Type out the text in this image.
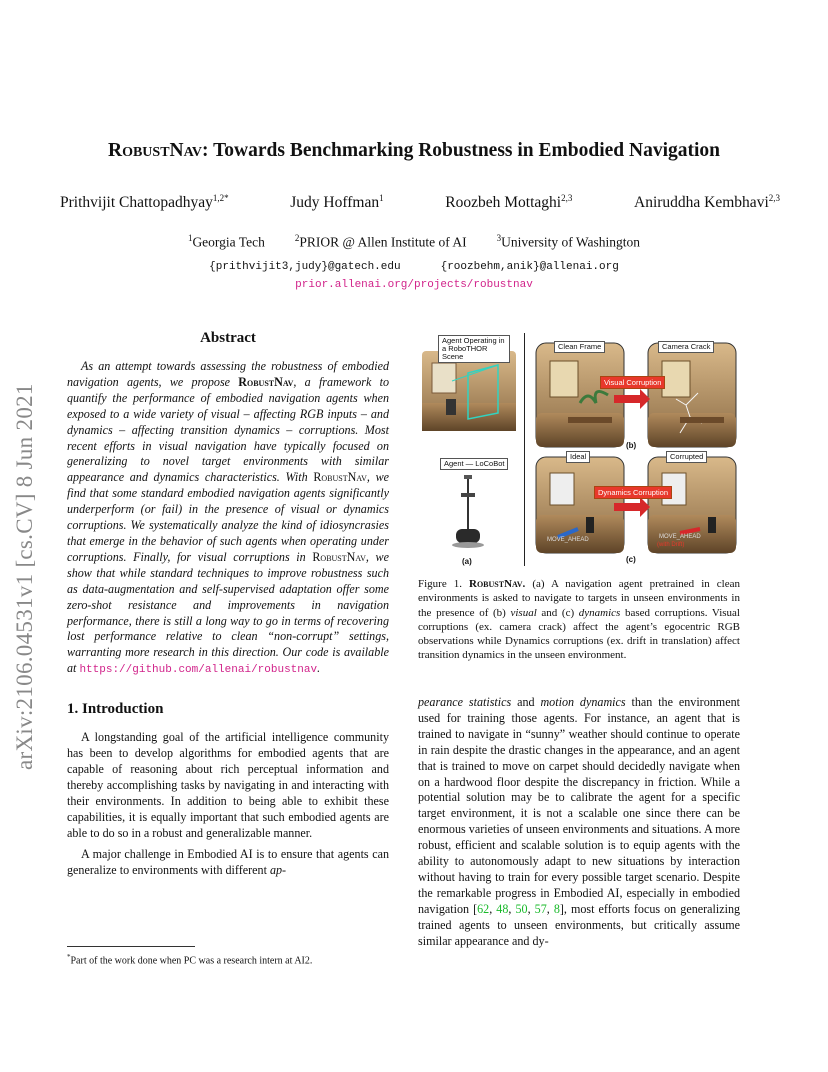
arXiv:2106.04531v1 [cs.CV] 8 Jun 2021
RobustNav: Towards Benchmarking Robustness in Embodied Navigation
Prithvijit Chattopadhyay$^{1,2*}$	Judy Hoffman$^1$	Roozbeh Mottaghi$^{2,3}$	Aniruddha Kembhavi$^{2,3}$
$^1$Georgia Tech	$^2$PRIOR @ Allen Institute of AI	$^3$University of Washington
{prithvijit3,judy}@gatech.edu	{roozbehm,anik}@allenai.org
prior.allenai.org/projects/robustnav
Abstract

As an attempt towards assessing the robustness of embodied navigation agents, we propose RobustNav, a framework to quantify the performance of embodied navigation agents when exposed to a wide variety of visual – affecting RGB inputs – and dynamics – affecting transition dynamics – corruptions. Most recent efforts in visual navigation have typically focused on generalizing to novel target environments with similar appearance and dynamics characteristics. With RobustNav, we find that some standard embodied navigation agents significantly underperform (or fail) in the presence of visual or dynamics corruptions. We systematically analyze the kind of idiosyncrasies that emerge in the behavior of such agents when operating under corruptions. Finally, for visual corruptions in RobustNav, we show that while standard techniques to improve robustness such as data-augmentation and self-supervised adaptation offer some zero-shot resistance and improvements in navigation performance, there is still a long way to go in terms of recovering lost performance relative to clean “non-corrupt” settings, warranting more research in this direction. Our code is available at https://github.com/allenai/robustnav.

1. Introduction

A longstanding goal of the artificial intelligence community has been to develop algorithms for embodied agents that are capable of reasoning about rich perceptual information and thereby accomplishing tasks by navigating in and interacting with their environments. In addition to being able to exhibit these capabilities, it is equally important that such embodied agents are able to do so in a robust and generalizable manner.

A major challenge in Embodied AI is to ensure that agents can generalize to environments with different ap-

*Part of the work done when PC was a research intern at AI2.
Agent Operating in a RoboTHOR Scene
Agent — LoCoBot
Clean Frame	Camera Crack
Ideal	Corrupted
Visual Corruption
Dynamics Corruption
MOVE_AHEAD	MOVE_AHEAD
(with Drift)
(a)
(b)
(c)

Figure 1. RobustNav. (a) A navigation agent pretrained in clean environments is asked to navigate to targets in unseen environments in the presence of (b) visual and (c) dynamics based corruptions. Visual corruptions (ex. camera crack) affect the agent’s egocentric RGB observations while Dynamics corruptions (ex. drift in translation) affect transition dynamics in the unseen environment.

pearance statistics and motion dynamics than the environment used for training those agents. For instance, an agent that is trained to navigate in “sunny” weather should continue to operate in rain despite the drastic changes in the appearance, and an agent that is trained to move on carpet should decidedly navigate when on a hardwood floor despite the discrepancy in friction. While a potential solution may be to calibrate the agent for a specific target environment, it is not a scalable one since there can be enormous varieties of unseen environments and situations. A more robust, efficient and scalable solution is to equip agents with the ability to autonomously adapt to new situations by interaction without having to train for every possible target scenario. Despite the remarkable progress in Embodied AI, especially in embodied navigation [62, 48, 50, 57, 8], most efforts focus on generalizing trained agents to unseen environments, but critically assume similar appearance and dy-
